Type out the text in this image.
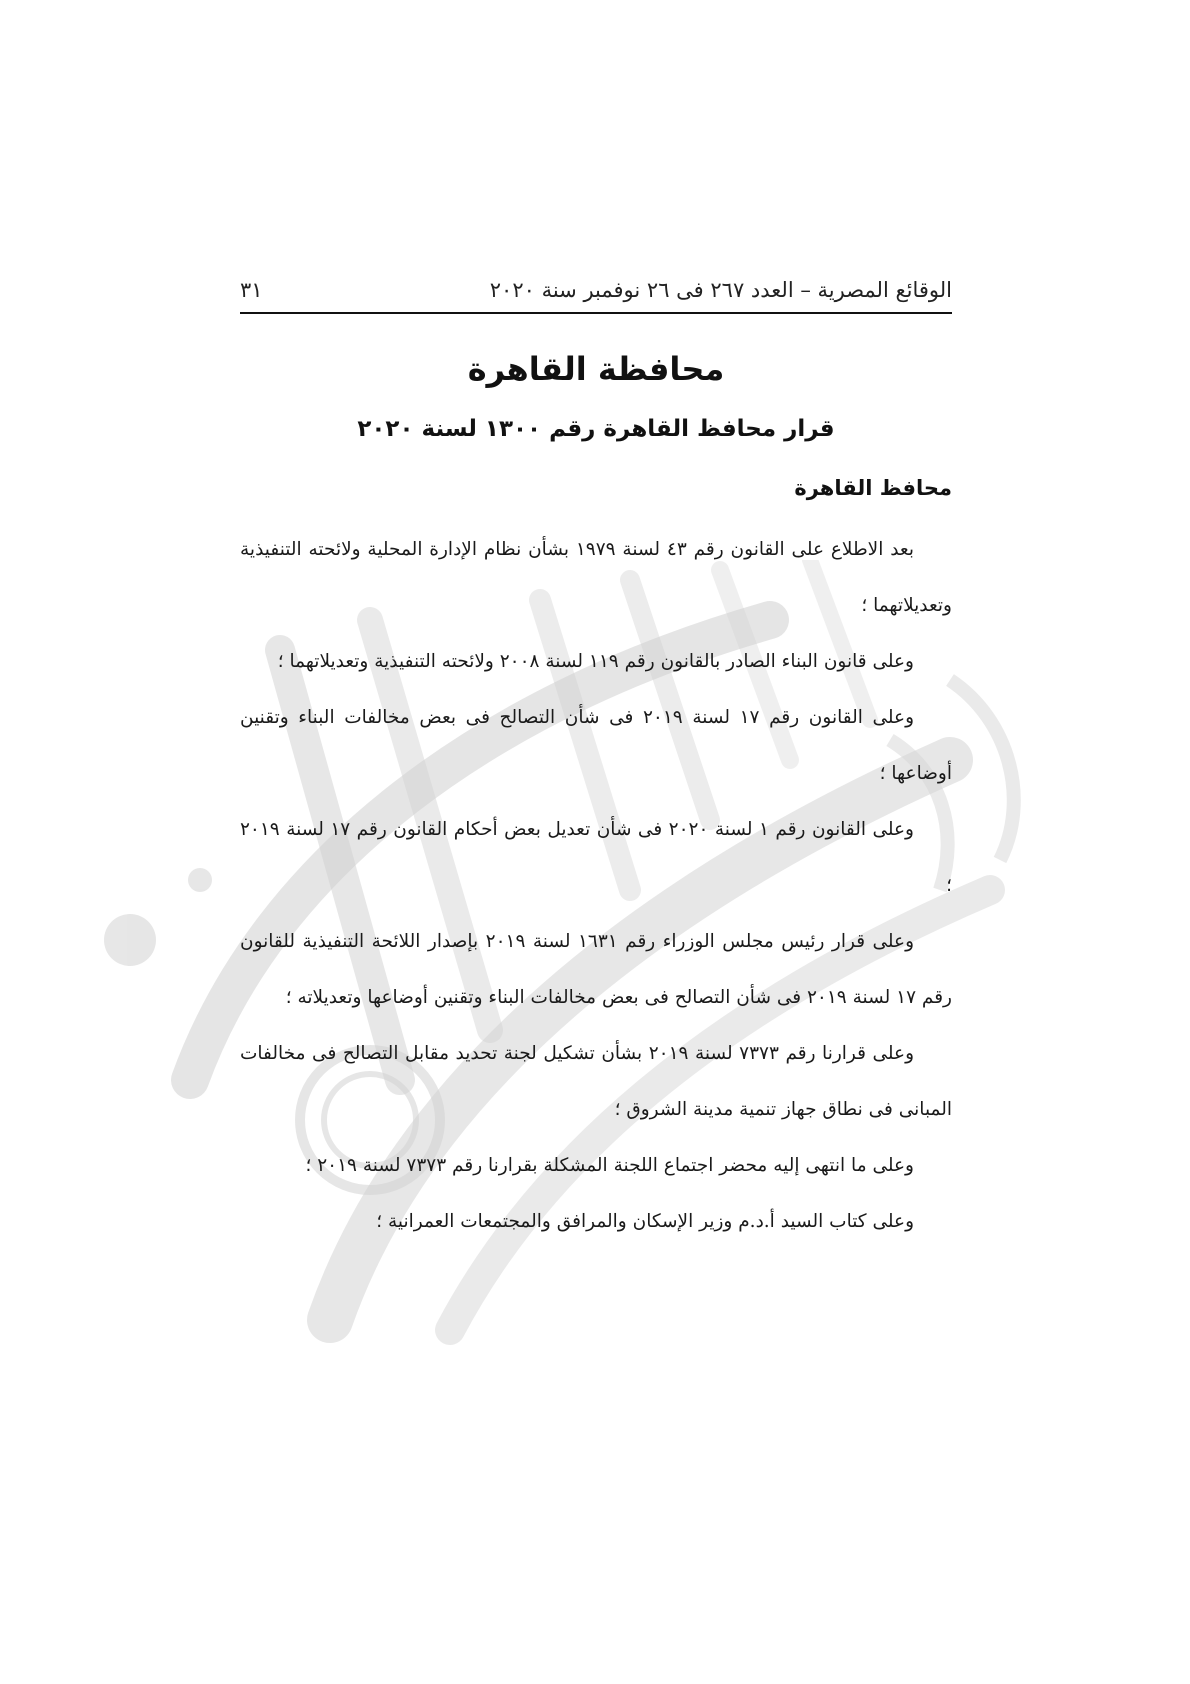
الوقائع المصرية – العدد ٢٦٧ فى ٢٦ نوفمبر سنة ٢٠٢٠
٣١
محافظة القاهرة
قرار محافظ القاهرة رقم ١٣٠٠ لسنة ٢٠٢٠
محافظ القاهرة

بعد الاطلاع على القانون رقم ٤٣ لسنة ١٩٧٩ بشأن نظام الإدارة المحلية ولائحته التنفيذية وتعديلاتهما ؛

وعلى قانون البناء الصادر بالقانون رقم ١١٩ لسنة ٢٠٠٨ ولائحته التنفيذية وتعديلاتهما ؛

وعلى القانون رقم ١٧ لسنة ٢٠١٩ فى شأن التصالح فى بعض مخالفات البناء وتقنين أوضاعها ؛

وعلى القانون رقم ١ لسنة ٢٠٢٠ فى شأن تعديل بعض أحكام القانون رقم ١٧ لسنة ٢٠١٩ ؛

وعلى قرار رئيس مجلس الوزراء رقم ١٦٣١ لسنة ٢٠١٩ بإصدار اللائحة التنفيذية للقانون رقم ١٧ لسنة ٢٠١٩ فى شأن التصالح فى بعض مخالفات البناء وتقنين أوضاعها وتعديلاته ؛

وعلى قرارنا رقم ٧٣٧٣ لسنة ٢٠١٩ بشأن تشكيل لجنة تحديد مقابل التصالح فى مخالفات المبانى فى نطاق جهاز تنمية مدينة الشروق ؛

وعلى ما انتهى إليه محضر اجتماع اللجنة المشكلة بقرارنا رقم ٧٣٧٣ لسنة ٢٠١٩ ؛

وعلى كتاب السيد أ.د.م وزير الإسكان والمرافق والمجتمعات العمرانية ؛
